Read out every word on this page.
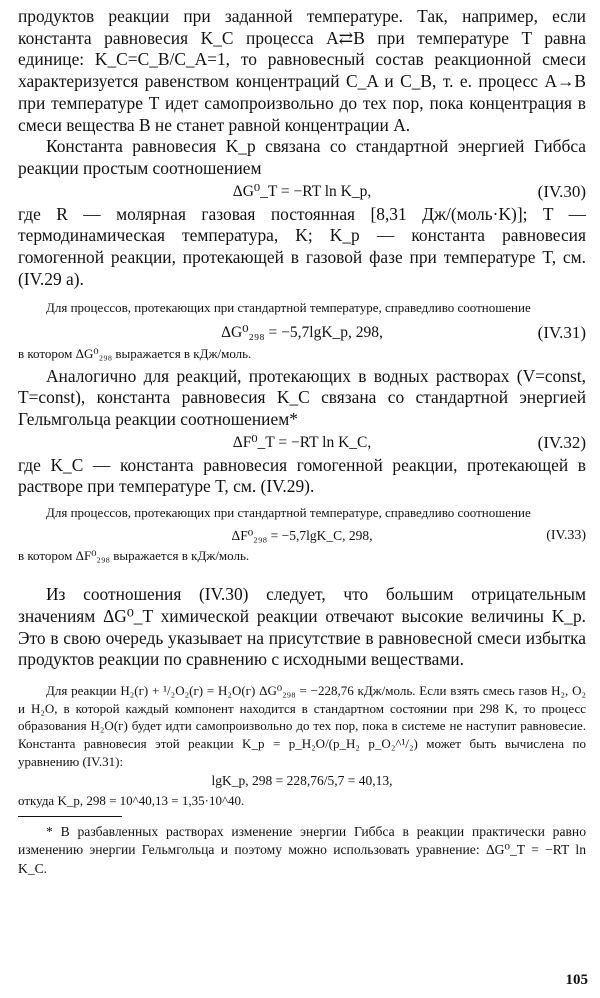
продуктов реакции при заданной температуре. Так, например, если константа равновесия K_C процесса A⇄B при температуре T равна единице: K_C=C_B/C_A=1, то равновесный состав реакционной смеси характеризуется равенством концентраций C_A и C_B, т. е. процесс A→B при температуре T идет самопроизвольно до тех пор, пока концентрация в смеси вещества B не станет равной концентрации A.

Константа равновесия K_p связана со стандартной энергией Гиббса реакции простым соотношением

ΔG⁰_T = −RT ln K_p,	(IV.30)

где R — молярная газовая постоянная [8,31 Дж/(моль·K)]; T — термодинамическая температура, K; K_p — константа равновесия гомогенной реакции, протекающей в газовой фазе при температуре T, см. (IV.29 а).

Для процессов, протекающих при стандартной температуре, справедливо соотношение

ΔG⁰₂₉₈ = −5,7lgK_p, 298,	(IV.31)

в котором ΔG⁰₂₉₈ выражается в кДж/моль.

Аналогично для реакций, протекающих в водных растворах (V=const, T=const), константа равновесия K_C связана со стандартной энергией Гельмгольца реакции соотношением*

ΔF⁰_T = −RT ln K_C,	(IV.32)

где K_C — константа равновесия гомогенной реакции, протекающей в растворе при температуре T, см. (IV.29).

Для процессов, протекающих при стандартной температуре, справедливо соотношение

ΔF⁰₂₉₈ = −5,7lgK_C, 298,	(IV.33)

в котором ΔF⁰₂₉₈ выражается в кДж/моль.

Из соотношения (IV.30) следует, что большим отрицательным значениям ΔG⁰_T химической реакции отвечают высокие величины K_p. Это в свою очередь указывает на присутствие в равновесной смеси избытка продуктов реакции по сравнению с исходными веществами.

Для реакции H₂(г) + ¹/₂O₂(г) = H₂O(г) ΔG⁰₂₉₈ = −228,76 кДж/моль. Если взять смесь газов H₂, O₂ и H₂O, в которой каждый компонент находится в стандартном состоянии при 298 K, то процесс образования H₂O(г) будет идти самопроизвольно до тех пор, пока в системе не наступит равновесие. Константа равновесия этой реакции K_p = p_H₂O/(p_H₂ p_O₂^¹/₂) может быть вычислена по уравнению (IV.31):

lgK_p, 298 = 228,76/5,7 = 40,13,

откуда K_p, 298 = 10^40,13 = 1,35·10^40.

* В разбавленных растворах изменение энергии Гиббса в реакции практически равно изменению энергии Гельмгольца и поэтому можно использовать уравнение: ΔG⁰_T = −RT ln K_C.

105
